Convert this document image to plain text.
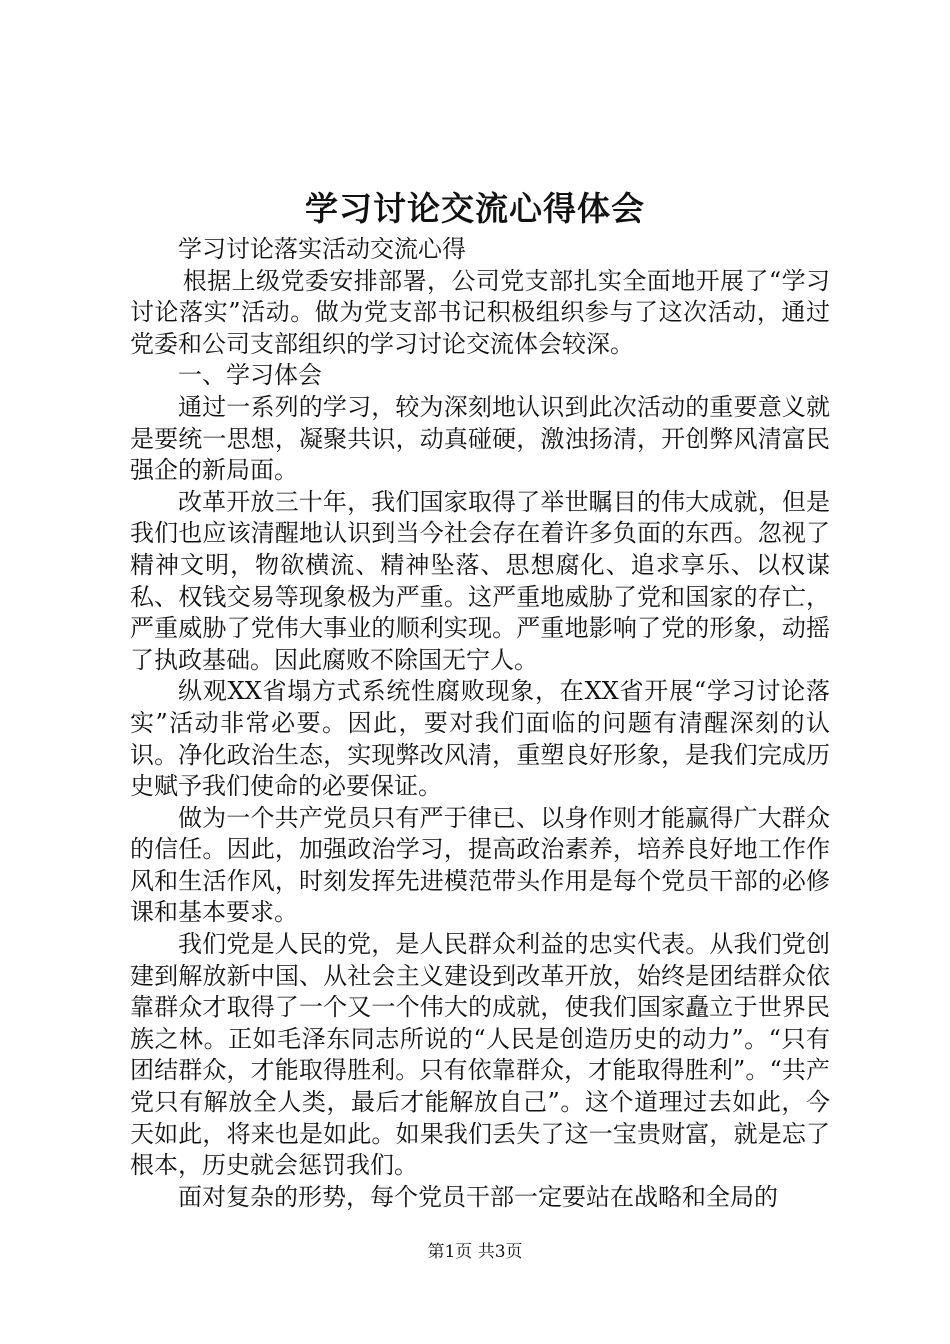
学习讨论交流心得体会

学习讨论落实活动交流心得

根据上级党委安排部署，公司党支部扎实全面地开展了“学习讨论落实”活动。做为党支部书记积极组织参与了这次活动，通过党委和公司支部组织的学习讨论交流体会较深。

一、学习体会

通过一系列的学习，较为深刻地认识到此次活动的重要意义就是要统一思想，凝聚共识，动真碰硬，激浊扬清，开创弊风清富民强企的新局面。

改革开放三十年，我们国家取得了举世瞩目的伟大成就，但是我们也应该清醒地认识到当今社会存在着许多负面的东西。忽视了精神文明，物欲横流、精神坠落、思想腐化、追求享乐、以权谋私、权钱交易等现象极为严重。这严重地威胁了党和国家的存亡，严重威胁了党伟大事业的顺利实现。严重地影响了党的形象，动摇了执政基础。因此腐败不除国无宁人。

纵观XX省塌方式系统性腐败现象，在XX省开展“学习讨论落实”活动非常必要。因此，要对我们面临的问题有清醒深刻的认识。净化政治生态，实现弊改风清，重塑良好形象，是我们完成历史赋予我们使命的必要保证。

做为一个共产党员只有严于律已、以身作则才能赢得广大群众的信任。因此，加强政治学习，提高政治素养，培养良好地工作作风和生活作风，时刻发挥先进模范带头作用是每个党员干部的必修课和基本要求。

我们党是人民的党，是人民群众利益的忠实代表。从我们党创建到解放新中国、从社会主义建设到改革开放，始终是团结群众依靠群众才取得了一个又一个伟大的成就，使我们国家矗立于世界民族之林。正如毛泽东同志所说的“人民是创造历史的动力”。“只有团结群众，才能取得胜利。只有依靠群众，才能取得胜利”。“共产党只有解放全人类，最后才能解放自己”。这个道理过去如此，今天如此，将来也是如此。如果我们丢失了这一宝贵财富，就是忘了根本，历史就会惩罚我们。

面对复杂的形势，每个党员干部一定要站在战略和全局的

第1页 共3页
